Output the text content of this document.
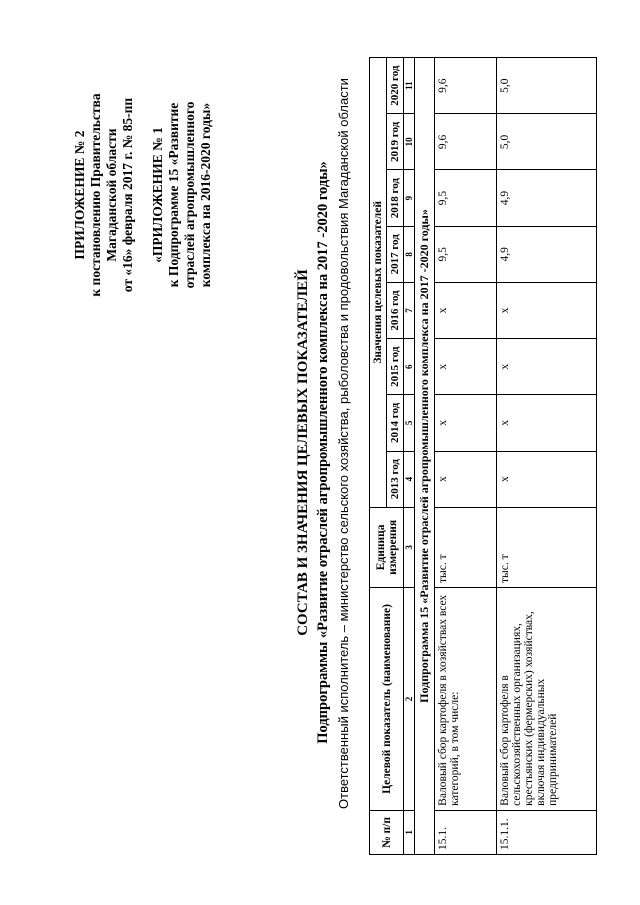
ПРИЛОЖЕНИЕ № 2 к постановлению Правительства Магаданской области от «16» февраля 2017 г. № 85-пп «ПРИЛОЖЕНИЕ № 1 к Подпрограмме 15 «Развитие отраслей агропромышленного комплекса на 2016-2020 годы»
СОСТАВ И ЗНАЧЕНИЯ ЦЕЛЕВЫХ ПОКАЗАТЕЛЕЙ Подпрограммы «Развитие отраслей агропромышленного комплекса на 2017 -2020 годы» Ответственный исполнитель – министерство сельского хозяйства, рыболовства и продовольствия Магаданской области
№ п/п	Целевой показатель (наименование)	Единица измерения	Значения целевых показателей							
			2013 год	2014 год	2015 год	2016 год	2017 год	2018 год	2019 год	2020 год
1	2	3	4	5	6	7	8	9	10	11
Подпрограмма 15 «Развитие отраслей агропромышленного комплекса на 2017 -2020 годы»										
15.1.	Валовый сбор картофеля в хозяйствах всех категорий, в том числе:	тыс. т	х	х	х	х	9,5	9,5	9,6	9,6
15.1.1.	Валовый сбор картофеля в сельскохозяйственных организациях, крестьянских (фермерских) хозяйствах, включая индивидуальных предпринимателей	тыс. т	х	х	х	х	4,9	4,9	5,0	5,0
